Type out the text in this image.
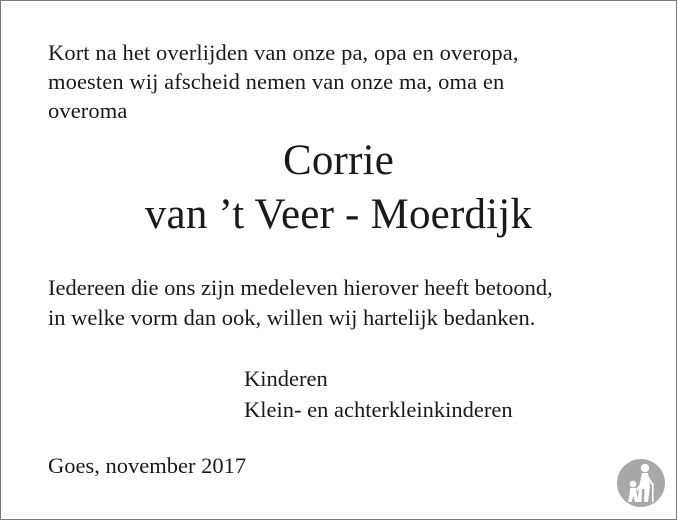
Kort na het overlijden van onze pa, opa en overopa,
moesten wij afscheid nemen van onze ma, oma en
overoma
Corrie
van ’t Veer - Moerdijk
Iedereen die ons zijn medeleven hierover heeft betoond,
in welke vorm dan ook, willen wij hartelijk bedanken.
Kinderen
Klein- en achterkleinkinderen
Goes, november 2017
